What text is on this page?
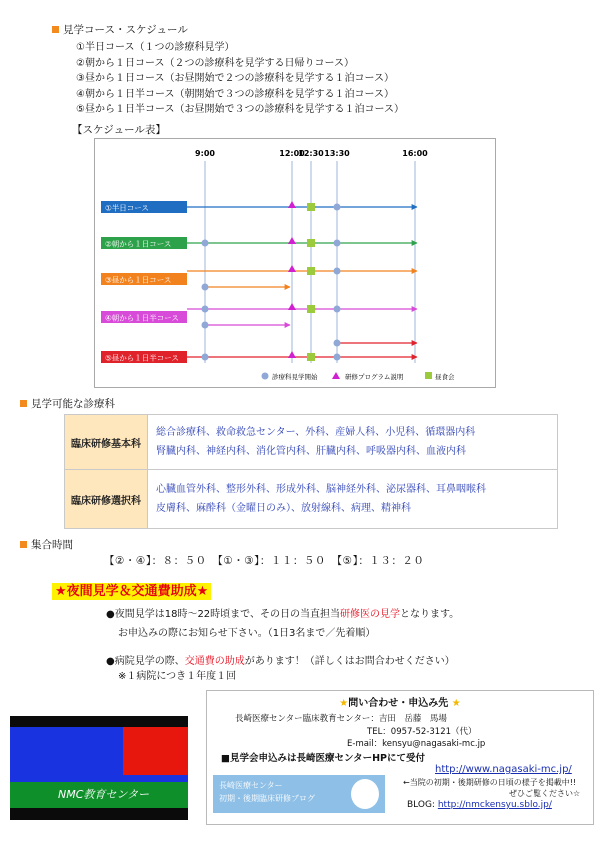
見学コース・スケジュール
①半日コース（１つの診療科見学）
②朝から１日コース（２つの診療科を見学する日帰りコース）
③昼から１日コース（お昼開始で２つの診療科を見学する１泊コース）
④朝から１日半コース（朝開始で３つの診療科を見学する１泊コース）
⑤昼から１日半コース（お昼開始で３つの診療科を見学する１泊コース）
【スケジュール表】
9:00	12:00
12:30 13:30	16:00
①半日コース
②朝から１日コース
③昼から１日コース
④朝から１日半コース
⑤昼から１日半コース
診療科見学開始	研修プログラム説明	昼食会
見学可能な診療科
臨床研修基本科	総合診療科、救命救急センター、外科、産婦人科、小児科、循環器内科
腎臓内科、神経内科、消化管内科、肝臓内科、呼吸器内科、血液内科

臨床研修選択科	心臓血管外科、整形外科、形成外科、脳神経外科、泌尿器科、耳鼻咽喉科
皮膚科、麻酔科（金曜日のみ）、放射線科、病理、精神科
集合時間
【②・④】：８：５０　【①・③】：１１：５０　【⑤】：１３：２０
★夜間見学＆交通費助成★
●夜間見学は18時～22時頃まで、その日の当直担当研修医の見学となります。
お申込みの際にお知らせ下さい。（1日3名まで／先着順）
●病院見学の際、交通費の助成があります！（詳しくはお問合わせください）
※１病院につき１年度１回
NMC教育センター
★問い合わせ・申込み先 ★
長崎医療センター臨床教育センター：吉田　岳藤　馬場
TEL：0957-52-3121（代）
E-mail：kensyu@nagasaki-mc.jp
■見学会申込みは長崎医療センターHPにて受付
http://www.nagasaki-mc.jp/
長崎医療センター
初期・後期臨床研修ブログ
←当院の初期・後期研修の日頃の様子を掲載中!!
ぜひご覧ください☆
BLOG: http://nmckensyu.sblo.jp/
